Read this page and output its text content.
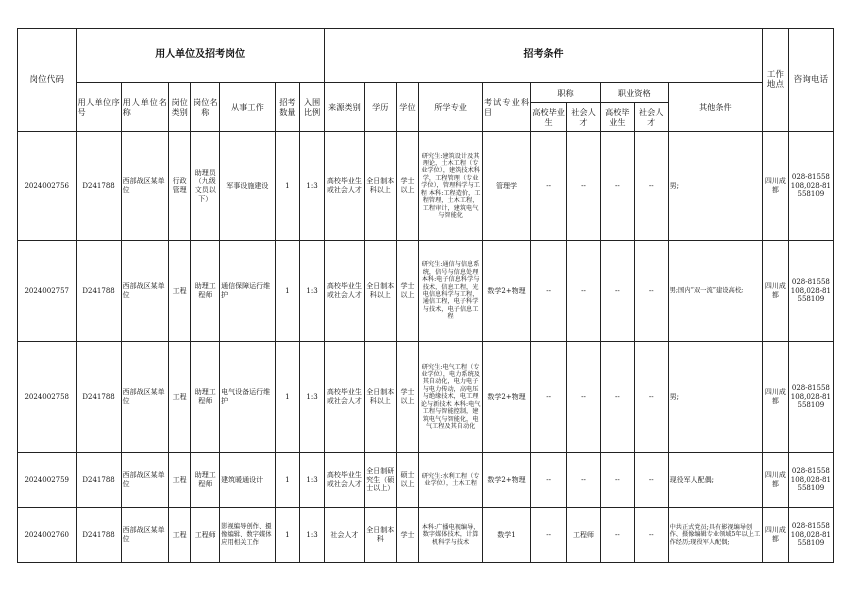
岗位代码	用人单位及招考岗位							招考条件										工作地点	咨询电话
	用人单位序 号	用人单位名 称	岗位类别	岗位名称	从事工作	招考数量	入围比例	来源类别	学历	学位	所学专业	考试专业科 目	职称		职业资格		其他条件		
													高校毕业生	社会人才	高校毕业生	社会人才			
2024002756	D241788	西部战区某单位	行政管理	助理员（九级文员以下）	军事设施建设	1	1:3	高校毕业生或社会人才	全日制本科以上	学士以上	研究生:建筑设计及其理论，土木工程（专业学位），建筑技术科学，工程管理（专业学位），管理科学与工程 本科:工程造价，工程管理，土木工程，工程审计，建筑电气与智能化	管理学	--	--	--	--	男;	四川成都	028-81558108,028-81558109
2024002757	D241788	西部战区某单位	工程	助理工程师	通信保障运行维护	1	1:3	高校毕业生或社会人才	全日制本科以上	学士以上	研究生:通信与信息系统，信号与信息处理 本科:电子信息科学与技术，信息工程，光电信息科学与工程，通信工程，电子科学与技术，电子信息工程	数学2+物理	--	--	--	--	男;国内“双一流”建设高校;	四川成都	028-81558108,028-81558109
2024002758	D241788	西部战区某单位	工程	助理工程师	电气设备运行维护	1	1:3	高校毕业生或社会人才	全日制本科以上	学士以上	研究生:电气工程（专业学位），电力系统及其自动化，电力电子与电力传动，高电压与绝缘技术，电工理论与新技术 本科:电气工程与智能控制，建筑电气与智能化，电气工程及其自动化	数学2+物理	--	--	--	--	男;	四川成都	028-81558108,028-81558109
2024002759	D241788	西部战区某单位	工程	助理工程师	建筑暖通设计	1	1:3	高校毕业生或社会人才	全日制研究生（硕士以上）	硕士以上	研究生:水利工程（专业学位），土木工程	数学2+物理	--	--	--	--	现役军人配偶;	四川成都	028-81558108,028-81558109
2024002760	D241788	西部战区某单位	工程	工程师	影视编导创作、摄像编辑、数字媒体应用相关工作	1	1:3	社会人才	全日制本科	学士	本科:广播电视编导，数字媒体技术，计算机科学与技术	数学1	--	工程师	--	--	中共正式党员;具有影视编导创作、摄像编辑专业领域5年以上工作经历;现役军人配偶;	四川成都	028-81558108,028-81558109
